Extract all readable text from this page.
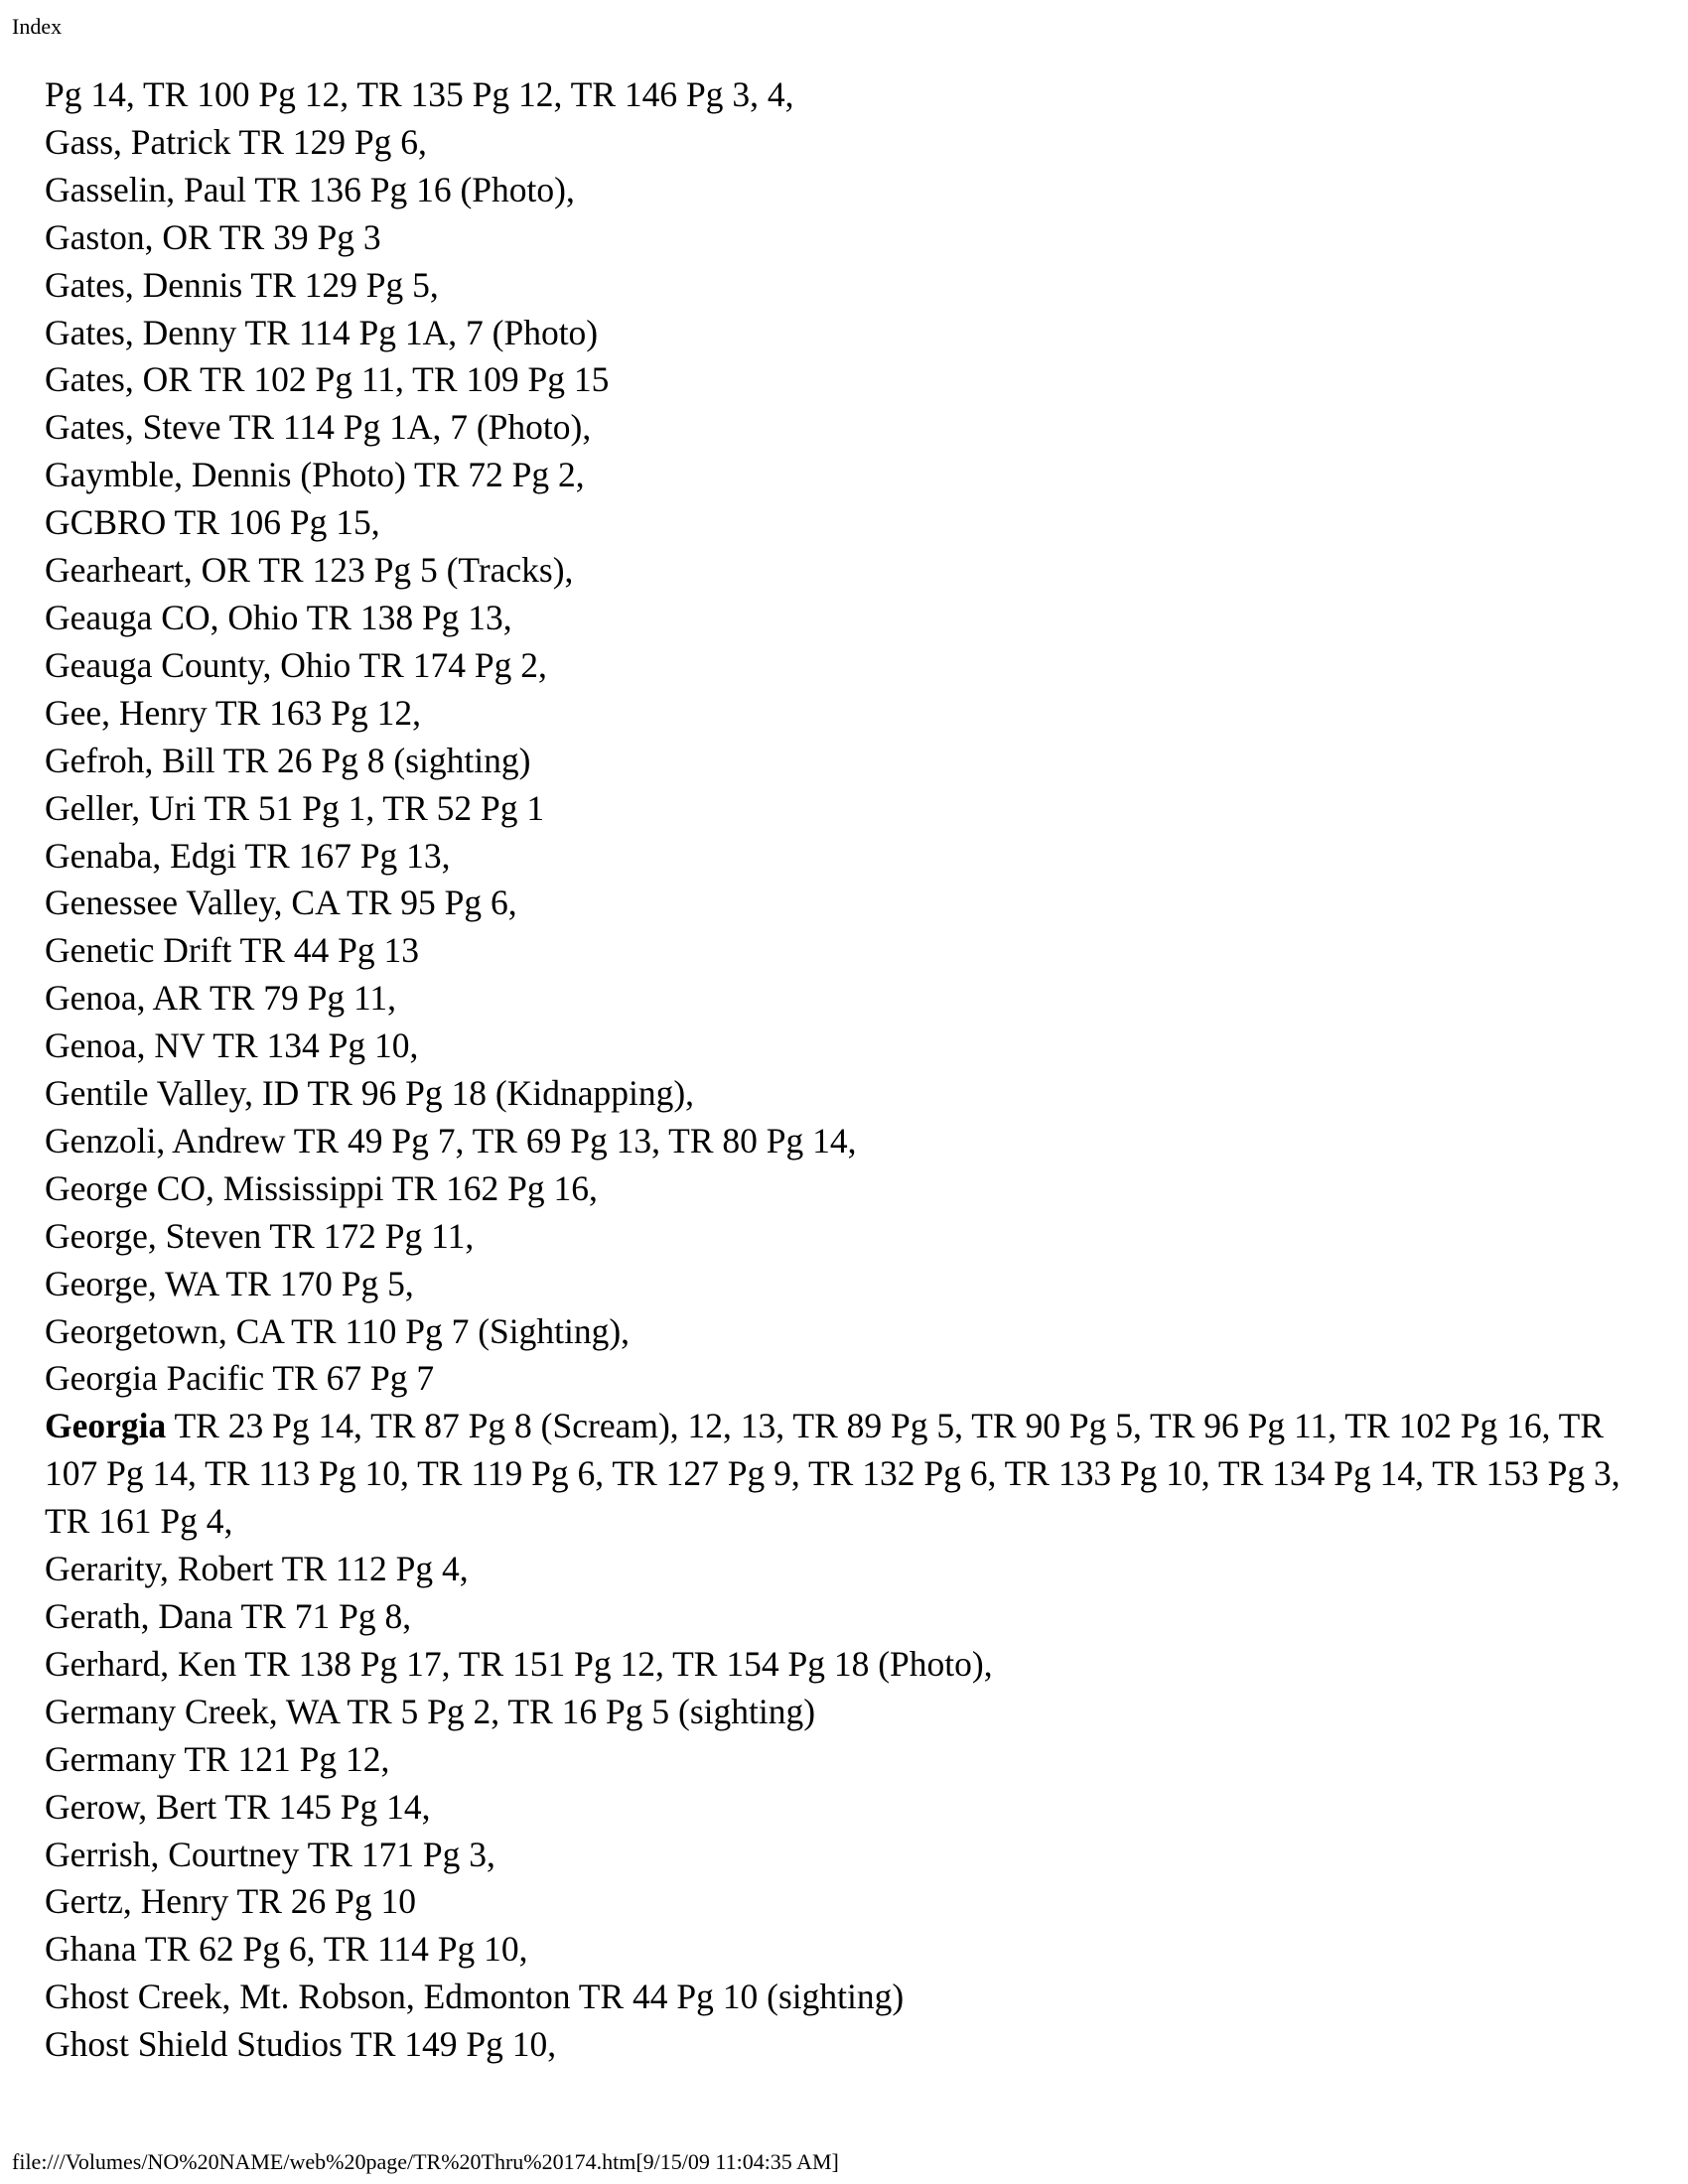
Index
Pg 14, TR 100 Pg 12, TR 135 Pg 12, TR 146 Pg 3, 4,
Gass, Patrick TR 129 Pg 6,
Gasselin, Paul TR 136 Pg 16 (Photo),
Gaston, OR TR 39 Pg 3
Gates, Dennis TR 129 Pg 5,
Gates, Denny TR 114 Pg 1A, 7 (Photo)
Gates, OR TR 102 Pg 11, TR 109 Pg 15
Gates, Steve TR 114 Pg 1A, 7 (Photo),
Gaymble, Dennis (Photo) TR 72 Pg 2,
GCBRO TR 106 Pg 15,
Gearheart, OR TR 123 Pg 5 (Tracks),
Geauga CO, Ohio TR 138 Pg 13,
Geauga County, Ohio TR 174 Pg 2,
Gee, Henry TR 163 Pg 12,
Gefroh, Bill TR 26 Pg 8 (sighting)
Geller, Uri TR 51 Pg 1, TR 52 Pg 1
Genaba, Edgi TR 167 Pg 13,
Genessee Valley, CA TR 95 Pg 6,
Genetic Drift TR 44 Pg 13
Genoa, AR TR 79 Pg 11,
Genoa, NV TR 134 Pg 10,
Gentile Valley, ID TR 96 Pg 18 (Kidnapping),
Genzoli, Andrew TR 49 Pg 7, TR 69 Pg 13, TR 80 Pg 14,
George CO, Mississippi TR 162 Pg 16,
George, Steven TR 172 Pg 11,
George, WA TR 170 Pg 5,
Georgetown, CA TR 110 Pg 7 (Sighting),
Georgia Pacific TR 67 Pg 7
Georgia TR 23 Pg 14, TR 87 Pg 8 (Scream), 12, 13, TR 89 Pg 5, TR 90 Pg 5, TR 96 Pg 11, TR 102 Pg 16, TR 107 Pg 14, TR 113 Pg 10, TR 119 Pg 6, TR 127 Pg 9, TR 132 Pg 6, TR 133 Pg 10, TR 134 Pg 14, TR 153 Pg 3, TR 161 Pg 4,
Gerarity, Robert TR 112 Pg 4,
Gerath, Dana TR 71 Pg 8,
Gerhard, Ken TR 138 Pg 17, TR 151 Pg 12, TR 154 Pg 18 (Photo),
Germany Creek, WA TR 5 Pg 2, TR 16 Pg 5 (sighting)
Germany TR 121 Pg 12,
Gerow, Bert TR 145 Pg 14,
Gerrish, Courtney TR 171 Pg 3,
Gertz, Henry TR 26 Pg 10
Ghana TR 62 Pg 6, TR 114 Pg 10,
Ghost Creek, Mt. Robson, Edmonton TR 44 Pg 10 (sighting)
Ghost Shield Studios TR 149 Pg 10,
file:///Volumes/NO%20NAME/web%20page/TR%20Thru%20174.htm[9/15/09 11:04:35 AM]
